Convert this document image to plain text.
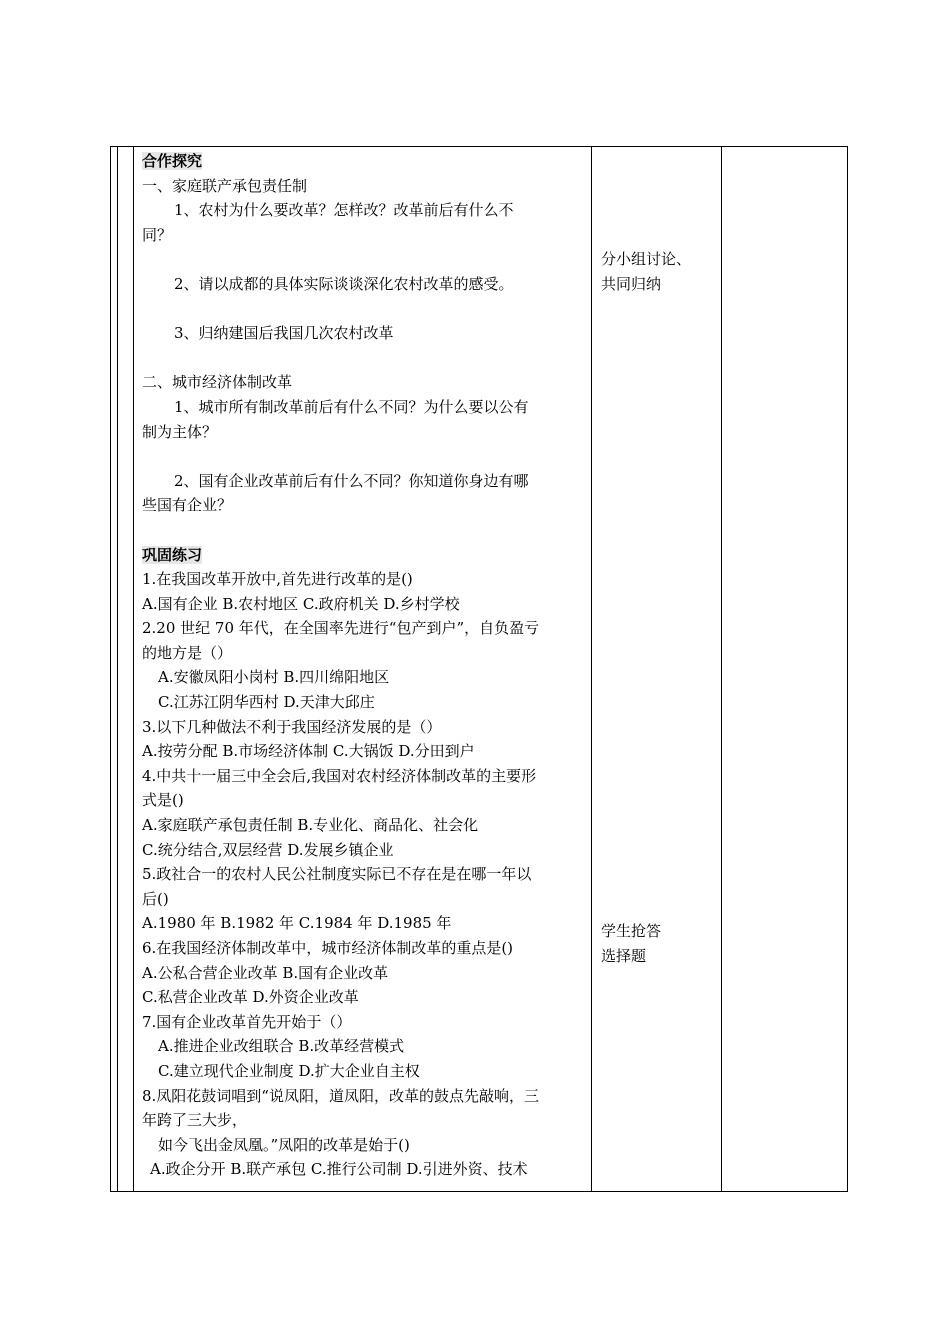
合作探究

一、家庭联产承包责任制

1、农村为什么要改革？怎样改？改革前后有什么不

同？

2、请以成都的具体实际谈谈深化农村改革的感受。

3、归纳建国后我国几次农村改革

二、城市经济体制改革

1、城市所有制改革前后有什么不同？为什么要以公有

制为主体？

2、国有企业改革前后有什么不同？你知道你身边有哪

些国有企业？

巩固练习

1.在我国改革开放中,首先进行改革的是()

A.国有企业 B.农村地区 C.政府机关 D.乡村学校

2.20 世纪 70 年代，在全国率先进行“包产到户”，自负盈亏

的地方是（）

A.安徽凤阳小岗村 B.四川绵阳地区

C.江苏江阴华西村 D.天津大邱庄

3.以下几种做法不利于我国经济发展的是（）

A.按劳分配 B.市场经济体制 C.大锅饭 D.分田到户

4.中共十一届三中全会后,我国对农村经济体制改革的主要形

式是()

A.家庭联产承包责任制 B.专业化、商品化、社会化

C.统分结合,双层经营 D.发展乡镇企业

5.政社合一的农村人民公社制度实际已不存在是在哪一年以

后()

A.1980 年 B.1982 年 C.1984 年 D.1985 年

6.在我国经济体制改革中，城市经济体制改革的重点是()

A.公私合营企业改革 B.国有企业改革

C.私营企业改革 D.外资企业改革

7.国有企业改革首先开始于（）

A.推进企业改组联合 B.改革经营模式

C.建立现代企业制度 D.扩大企业自主权

8.凤阳花鼓词唱到“说凤阳，道凤阳，改革的鼓点先敲响，三

年跨了三大步，

如今飞出金凤凰。”凤阳的改革是始于()

A.政企分开 B.联产承包 C.推行公司制 D.引进外资、技术

分小组讨论、

共同归纳

学生抢答

选择题
